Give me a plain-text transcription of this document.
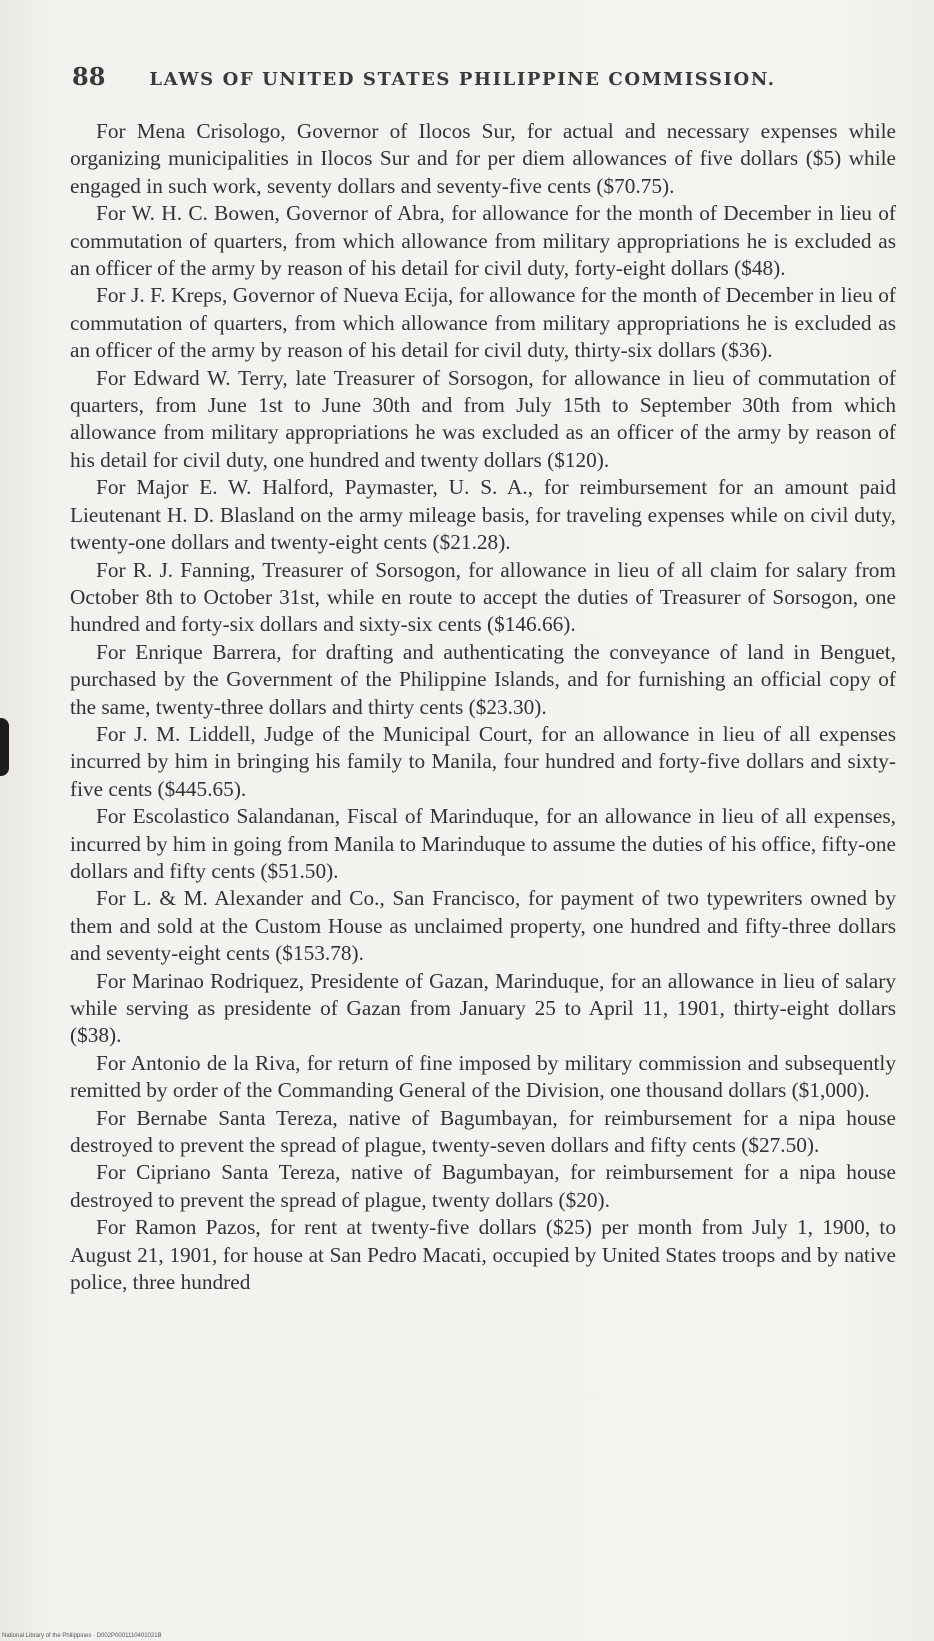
88 LAWS OF UNITED STATES PHILIPPINE COMMISSION.

For Mena Crisologo, Governor of Ilocos Sur, for actual and necessary expenses while organizing municipalities in Ilocos Sur and for per diem allowances of five dollars ($5) while engaged in such work, seventy dollars and seventy-five cents ($70.75).

For W. H. C. Bowen, Governor of Abra, for allowance for the month of December in lieu of commutation of quarters, from which allowance from military appropriations he is excluded as an officer of the army by reason of his detail for civil duty, forty-eight dollars ($48).

For J. F. Kreps, Governor of Nueva Ecija, for allowance for the month of December in lieu of commutation of quarters, from which allowance from military appropriations he is excluded as an officer of the army by reason of his detail for civil duty, thirty-six dollars ($36).

For Edward W. Terry, late Treasurer of Sorsogon, for allowance in lieu of commutation of quarters, from June 1st to June 30th and from July 15th to September 30th from which allowance from military appropriations he was excluded as an officer of the army by reason of his detail for civil duty, one hundred and twenty dollars ($120).

For Major E. W. Halford, Paymaster, U. S. A., for reimbursement for an amount paid Lieutenant H. D. Blasland on the army mileage basis, for traveling expenses while on civil duty, twenty-one dollars and twenty-eight cents ($21.28).

For R. J. Fanning, Treasurer of Sorsogon, for allowance in lieu of all claim for salary from October 8th to October 31st, while en route to accept the duties of Treasurer of Sorsogon, one hundred and forty-six dollars and sixty-six cents ($146.66).

For Enrique Barrera, for drafting and authenticating the conveyance of land in Benguet, purchased by the Government of the Philippine Islands, and for furnishing an official copy of the same, twenty-three dollars and thirty cents ($23.30).

For J. M. Liddell, Judge of the Municipal Court, for an allowance in lieu of all expenses incurred by him in bringing his family to Manila, four hundred and forty-five dollars and sixty-five cents ($445.65).

For Escolastico Salandanan, Fiscal of Marinduque, for an allowance in lieu of all expenses, incurred by him in going from Manila to Marinduque to assume the duties of his office, fifty-one dollars and fifty cents ($51.50).

For L. & M. Alexander and Co., San Francisco, for payment of two typewriters owned by them and sold at the Custom House as unclaimed property, one hundred and fifty-three dollars and seventy-eight cents ($153.78).

For Marinao Rodriquez, Presidente of Gazan, Marinduque, for an allowance in lieu of salary while serving as presidente of Gazan from January 25 to April 11, 1901, thirty-eight dollars ($38).

For Antonio de la Riva, for return of fine imposed by military commission and subsequently remitted by order of the Commanding General of the Division, one thousand dollars ($1,000).

For Bernabe Santa Tereza, native of Bagumbayan, for reimbursement for a nipa house destroyed to prevent the spread of plague, twenty-seven dollars and fifty cents ($27.50).

For Cipriano Santa Tereza, native of Bagumbayan, for reimbursement for a nipa house destroyed to prevent the spread of plague, twenty dollars ($20).

For Ramon Pazos, for rent at twenty-five dollars ($25) per month from July 1, 1900, to August 21, 1901, for house at San Pedro Macati, occupied by United States troops and by native police, three hundred

National Library of the Philippines · D002P0001110401021B
